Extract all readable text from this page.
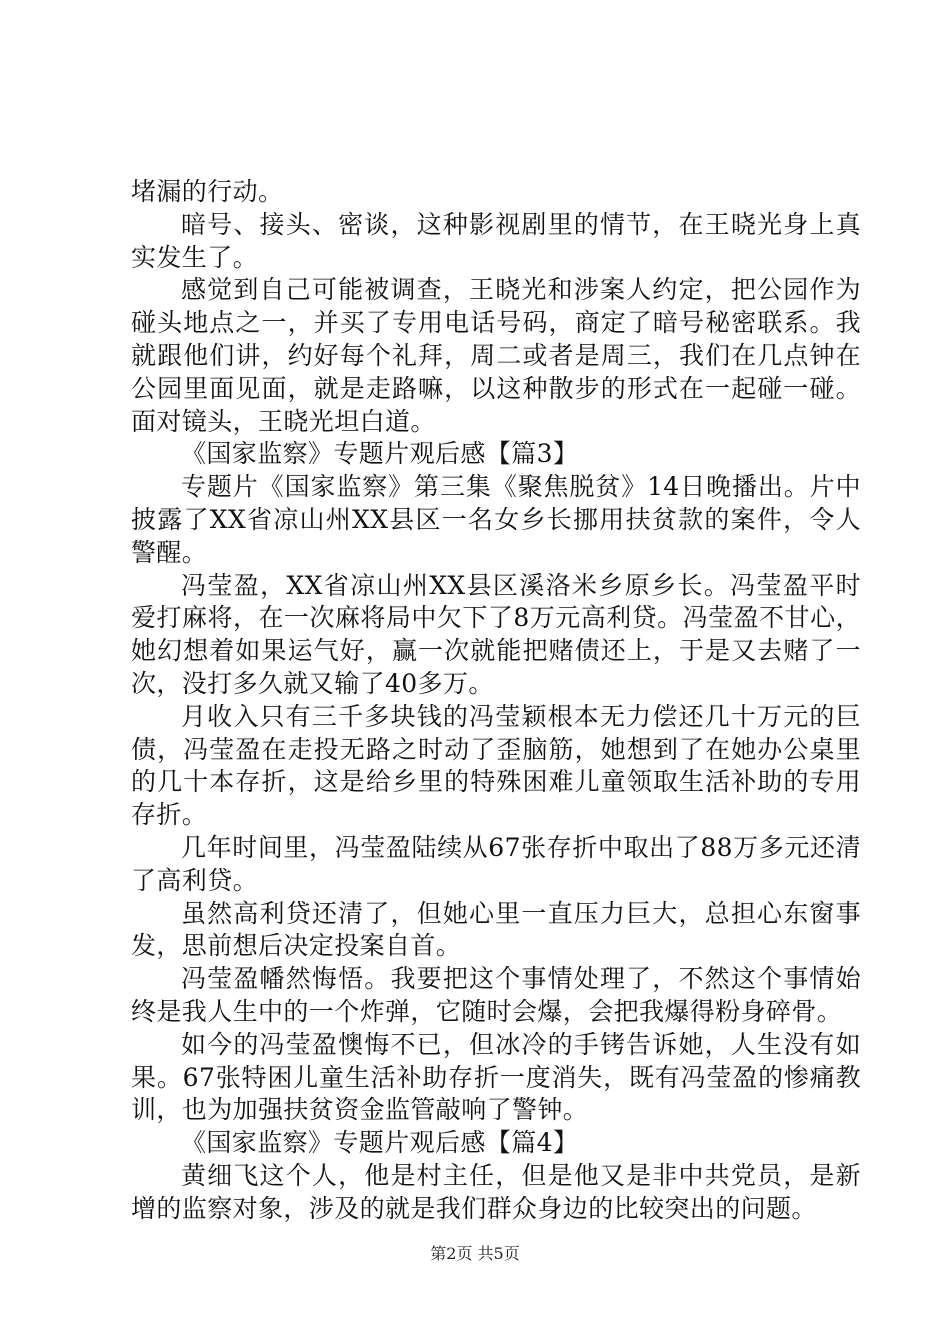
堵漏的行动。

暗号、接头、密谈，这种影视剧里的情节，在王晓光身上真实发生了。

感觉到自己可能被调查，王晓光和涉案人约定，把公园作为碰头地点之一，并买了专用电话号码，商定了暗号秘密联系。我就跟他们讲，约好每个礼拜，周二或者是周三，我们在几点钟在公园里面见面，就是走路嘛，以这种散步的形式在一起碰一碰。面对镜头，王晓光坦白道。

《国家监察》专题片观后感【篇3】

专题片《国家监察》第三集《聚焦脱贫》14日晚播出。片中披露了XX省凉山州XX县区一名女乡长挪用扶贫款的案件，令人警醒。

冯莹盈，XX省凉山州XX县区溪洛米乡原乡长。冯莹盈平时爱打麻将，在一次麻将局中欠下了8万元高利贷。冯莹盈不甘心，她幻想着如果运气好，赢一次就能把赌债还上，于是又去赌了一次，没打多久就又输了40多万。

月收入只有三千多块钱的冯莹颖根本无力偿还几十万元的巨债，冯莹盈在走投无路之时动了歪脑筋，她想到了在她办公桌里的几十本存折，这是给乡里的特殊困难儿童领取生活补助的专用存折。

几年时间里，冯莹盈陆续从67张存折中取出了88万多元还清了高利贷。

虽然高利贷还清了，但她心里一直压力巨大，总担心东窗事发，思前想后决定投案自首。

冯莹盈幡然悔悟。我要把这个事情处理了，不然这个事情始终是我人生中的一个炸弹，它随时会爆，会把我爆得粉身碎骨。

如今的冯莹盈懊悔不已，但冰冷的手铐告诉她，人生没有如果。67张特困儿童生活补助存折一度消失，既有冯莹盈的惨痛教训，也为加强扶贫资金监管敲响了警钟。

《国家监察》专题片观后感【篇4】

黄细飞这个人，他是村主任，但是他又是非中共党员，是新增的监察对象，涉及的就是我们群众身边的比较突出的问题。

第2页 共5页
